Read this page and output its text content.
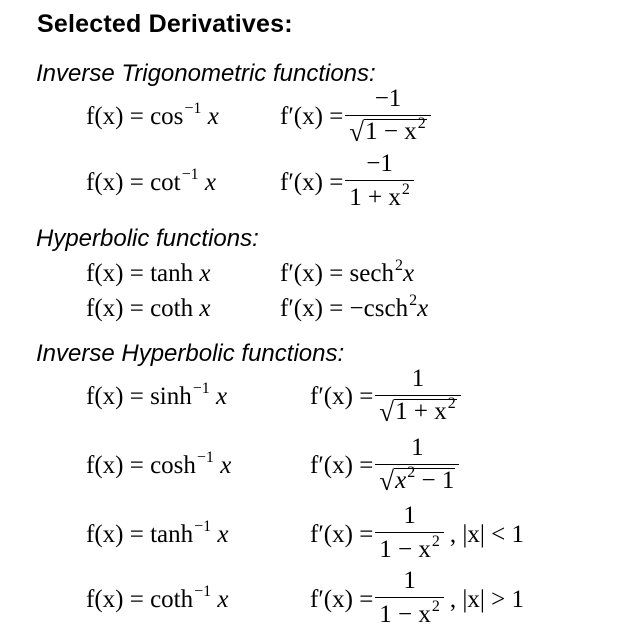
Selected Derivatives:
Inverse Trigonometric functions:
$f(x) = \cos^{-1} x$	$f'(x) = \frac{-1}{√ 1 - x^2}$
$f(x) = \cot^{-1} x$	$f'(x) = \frac{-1}{1 + x^2}$
Hyperbolic functions:
f(x) = tanh x	f′(x) = sech$^2$x
f(x) = coth x	f′(x) = −csch$^2$x
Inverse Hyperbolic functions:
$f(x) = \sinh^{-1} x$	$f'(x) = \frac{1}{√ 1 + x^2}$
$f(x) = \cosh^{-1} x$	$f'(x) = \frac{1}{√ x^2 - 1}$
$f(x) = \tanh^{-1} x$	$f'(x) = \frac{1}{1 - x^2}$ , |x| < 1
f(x) = coth$^{-1}$ x	$f'(x) = \frac{1}{1 - x^2}$ , |x| > 1
